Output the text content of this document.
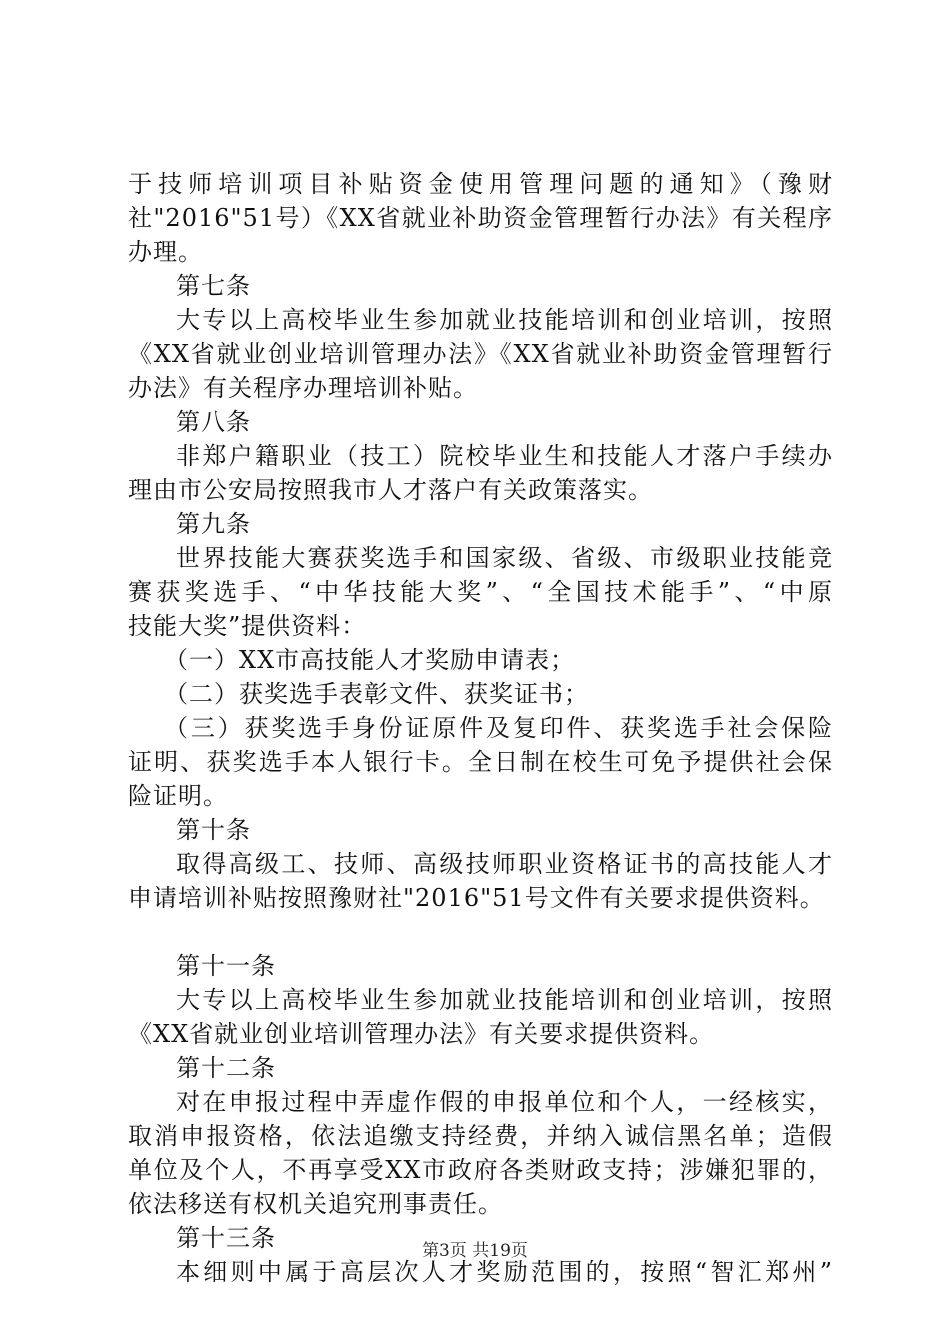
于技师培训项目补贴资金使用管理问题的通知》（豫财
社"2016"51号）《XX省就业补助资金管理暂行办法》有关程序
办理。
第七条
大专以上高校毕业生参加就业技能培训和创业培训，按照
《XX省就业创业培训管理办法》《XX省就业补助资金管理暂行
办法》有关程序办理培训补贴。
第八条
非郑户籍职业（技工）院校毕业生和技能人才落户手续办
理由市公安局按照我市人才落户有关政策落实。
第九条
世界技能大赛获奖选手和国家级、省级、市级职业技能竞
赛获奖选手、“中华技能大奖”、“全国技术能手”、“中原
技能大奖”提供资料：
（一）XX市高技能人才奖励申请表；
（二）获奖选手表彰文件、获奖证书；
（三）获奖选手身份证原件及复印件、获奖选手社会保险
证明、获奖选手本人银行卡。全日制在校生可免予提供社会保
险证明。
第十条
取得高级工、技师、高级技师职业资格证书的高技能人才
申请培训补贴按照豫财社"2016"51号文件有关要求提供资料。
第十一条
大专以上高校毕业生参加就业技能培训和创业培训，按照
《XX省就业创业培训管理办法》有关要求提供资料。
第十二条
对在申报过程中弄虚作假的申报单位和个人，一经核实，
取消申报资格，依法追缴支持经费，并纳入诚信黑名单；造假
单位及个人，不再享受XX市政府各类财政支持；涉嫌犯罪的，
依法移送有权机关追究刑事责任。
第十三条
本细则中属于高层次人才奖励范围的，按照“智汇郑州”
第3页 共19页
